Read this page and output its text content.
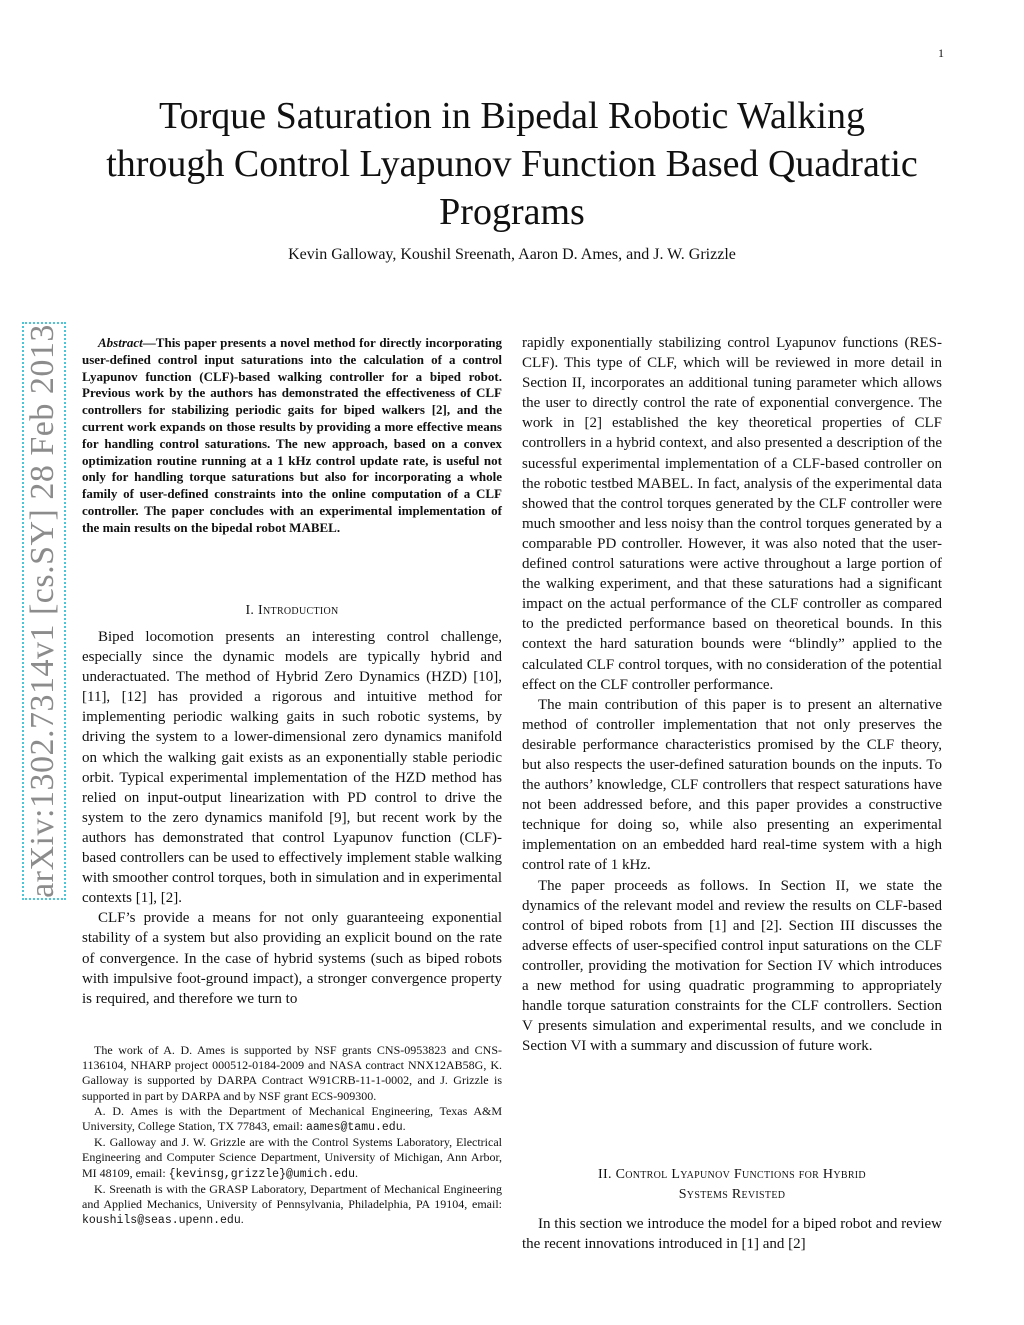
1
Torque Saturation in Bipedal Robotic Walking through Control Lyapunov Function Based Quadratic Programs
Kevin Galloway, Koushil Sreenath, Aaron D. Ames, and J. W. Grizzle
arXiv:1302.7314v1 [cs.SY] 28 Feb 2013	Abstract—This paper presents a novel method for directly incorporating user-defined control input saturations into the calculation of a control Lyapunov function (CLF)-based walking controller for a biped robot. Previous work by the authors has demonstrated the effectiveness of CLF controllers for stabilizing periodic gaits for biped walkers [2], and the current work expands on those results by providing a more effective means for handling control saturations. The new approach, based on a convex optimization routine running at a 1 kHz control update rate, is useful not only for handling torque saturations but also for incorporating a whole family of user-defined constraints into the online computation of a CLF controller. The paper concludes with an experimental implementation of the main results on the bipedal robot MABEL.

I. Introduction

Biped locomotion presents an interesting control challenge, especially since the dynamic models are typically hybrid and underactuated. The method of Hybrid Zero Dynamics (HZD) [10], [11], [12] has provided a rigorous and intuitive method for implementing periodic walking gaits in such robotic systems, by driving the system to a lower-dimensional zero dynamics manifold on which the walking gait exists as an exponentially stable periodic orbit. Typical experimental implementation of the HZD method has relied on input-output linearization with PD control to drive the system to the zero dynamics manifold [9], but recent work by the authors has demonstrated that control Lyapunov function (CLF)-based controllers can be used to effectively implement stable walking with smoother control torques, both in simulation and in experimental contexts [1], [2].

CLF’s provide a means for not only guaranteeing exponential stability of a system but also providing an explicit bound on the rate of convergence. In the case of hybrid systems (such as biped robots with impulsive foot-ground impact), a stronger convergence property is required, and therefore we turn to

The work of A. D. Ames is supported by NSF grants CNS-0953823 and CNS-1136104, NHARP project 000512-0184-2009 and NASA contract NNX12AB58G, K. Galloway is supported by DARPA Contract W91CRB-11-1-0002, and J. Grizzle is supported in part by DARPA and by NSF grant ECS-909300.

A. D. Ames is with the Department of Mechanical Engineering, Texas A&M University, College Station, TX 77843, email: aames@tamu.edu.

K. Galloway and J. W. Grizzle are with the Control Systems Laboratory, Electrical Engineering and Computer Science Department, University of Michigan, Ann Arbor, MI 48109, email: {kevinsg,grizzle}@umich.edu.

K. Sreenath is with the GRASP Laboratory, Department of Mechanical Engineering and Applied Mechanics, University of Pennsylvania, Philadelphia, PA 19104, email: koushils@seas.upenn.edu.

rapidly exponentially stabilizing control Lyapunov functions (RES-CLF). This type of CLF, which will be reviewed in more detail in Section II, incorporates an additional tuning parameter which allows the user to directly control the rate of exponential convergence. The work in [2] established the key theoretical properties of CLF controllers in a hybrid context, and also presented a description of the sucessful experimental implementation of a CLF-based controller on the robotic testbed MABEL. In fact, analysis of the experimental data showed that the control torques generated by the CLF controller were much smoother and less noisy than the control torques generated by a comparable PD controller. However, it was also noted that the user-defined control saturations were active throughout a large portion of the walking experiment, and that these saturations had a significant impact on the actual performance of the CLF controller as compared to the predicted performance based on theoretical bounds. In this context the hard saturation bounds were “blindly” applied to the calculated CLF control torques, with no consideration of the potential effect on the CLF controller performance.

The main contribution of this paper is to present an alternative method of controller implementation that not only preserves the desirable performance characteristics promised by the CLF theory, but also respects the user-defined saturation bounds on the inputs. To the authors’ knowledge, CLF controllers that respect saturations have not been addressed before, and this paper provides a constructive technique for doing so, while also presenting an experimental implementation on an embedded hard real-time system with a high control rate of 1 kHz.

The paper proceeds as follows. In Section II, we state the dynamics of the relevant model and review the results on CLF-based control of biped robots from [1] and [2]. Section III discusses the adverse effects of user-specified control input saturations on the CLF controller, providing the motivation for Section IV which introduces a new method for using quadratic programming to appropriately handle torque saturation constraints for the CLF controllers. Section V presents simulation and experimental results, and we conclude in Section VI with a summary and discussion of future work.

II. Control Lyapunov Functions for Hybrid
Systems Revisted

In this section we introduce the model for a biped robot and review the recent innovations introduced in [1] and [2]
